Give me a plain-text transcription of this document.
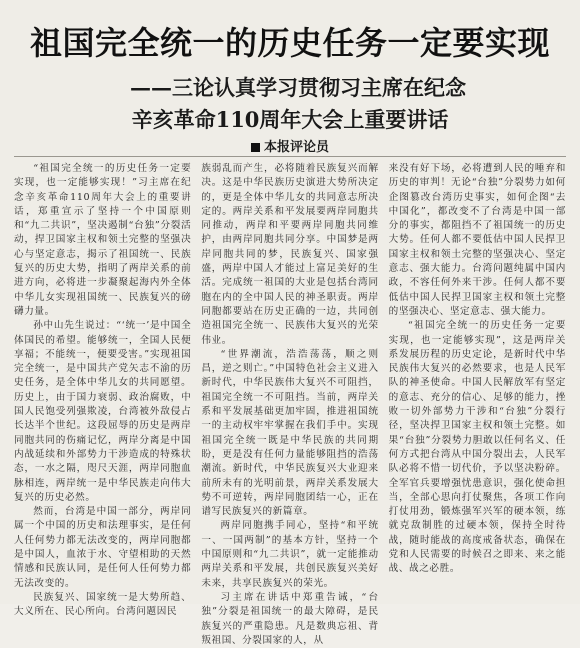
祖国完全统一的历史任务一定要实现
——三论认真学习贯彻习主席在纪念
辛亥革命110周年大会上重要讲话
本报评论员

“祖国完全统一的历史任务一定要实现，也一定能够实现！”习主席在纪念辛亥革命110周年大会上的重要讲话，郑重宣示了坚持一个中国原则和“九二共识”，坚决遏制“台独”分裂活动，捍卫国家主权和领土完整的坚强决心与坚定意志，揭示了祖国统一、民族复兴的历史大势，指明了两岸关系的前进方向，必将进一步凝聚起海内外全体中华儿女实现祖国统一、民族复兴的磅礴力量。

孙中山先生说过：“‘统一’是中国全体国民的希望。能够统一，全国人民便享福；不能统一，便要受害。”实现祖国完全统一，是中国共产党矢志不渝的历史任务，是全体中华儿女的共同愿望。历史上，由于国力衰弱、政治腐败，中国人民饱受列强欺凌，台湾被外敌侵占长达半个世纪。这段屈辱的历史是两岸同胞共同的伤痛记忆，两岸分离是中国内战延续和外部势力干涉造成的特殊状态，一水之隔，咫尺天涯，两岸同胞血脉相连，两岸统一是中华民族走向伟大复兴的历史必然。

然而，台湾是中国一部分，两岸同属一个中国的历史和法理事实，是任何人任何势力都无法改变的，两岸同胞都是中国人，血浓于水、守望相助的天然情感和民族认同，是任何人任何势力都无法改变的。

民族复兴、国家统一是大势所趋、大义所在、民心所向。台湾问题因民

族弱乱而产生，必将随着民族复兴而解决。这是中华民族历史演进大势所决定的，更是全体中华儿女的共同意志所决定的。两岸关系和平发展要两岸同胞共同推动，两岸和平要两岸同胞共同维护，由两岸同胞共同分享。中国梦是两岸同胞共同的梦，民族复兴、国家强盛，两岸中国人才能过上富足美好的生活。完成统一祖国的大业是包括台湾同胞在内的全中国人民的神圣职责。两岸同胞都要站在历史正确的一边，共同创造祖国完全统一、民族伟大复兴的光荣伟业。

“世界潮流，浩浩荡荡，顺之则昌，逆之则亡。”中国特色社会主义进入新时代，中华民族伟大复兴不可阻挡，祖国完全统一不可阻挡。当前，两岸关系和平发展基础更加牢固，推进祖国统一的主动权牢牢掌握在我们手中。实现祖国完全统一既是中华民族的共同期盼，更是没有任何力量能够阻挡的浩荡潮流。新时代，中华民族复兴大业迎来前所未有的光明前景，两岸关系发展大势不可逆转，两岸同胞团结一心，正在谱写民族复兴的新篇章。

两岸同胞携手同心，坚持“和平统一、一国两制”的基本方针，坚持一个中国原则和“九二共识”，就一定能推动两岸关系和平发展，共创民族复兴美好未来，共享民族复兴的荣光。

习主席在讲话中郑重告诫，“台独”分裂是祖国统一的最大障碍，是民族复兴的严重隐患。凡是数典忘祖、背叛祖国、分裂国家的人，从

来没有好下场，必将遭到人民的唾弃和历史的审判！无论“台独”分裂势力如何企图篡改台湾历史事实，如何企图“去中国化”，都改变不了台湾是中国一部分的事实，都阻挡不了祖国统一的历史大势。任何人都不要低估中国人民捍卫国家主权和领土完整的坚强决心、坚定意志、强大能力。台湾问题纯属中国内政，不容任何外来干涉。任何人都不要低估中国人民捍卫国家主权和领土完整的坚强决心、坚定意志、强大能力。

“祖国完全统一的历史任务一定要实现，也一定能够实现”，这是两岸关系发展历程的历史定论，是新时代中华民族伟大复兴的必然要求，也是人民军队的神圣使命。中国人民解放军有坚定的意志、充分的信心、足够的能力，挫败一切外部势力干涉和“台独”分裂行径，坚决捍卫国家主权和领土完整。如果“台独”分裂势力胆敢以任何名义、任何方式把台湾从中国分裂出去，人民军队必将不惜一切代价，予以坚决粉碎。全军官兵要增强忧患意识，强化使命担当，全部心思向打仗聚焦，各项工作向打仗用劲，锻炼强军兴军的硬本领，练就克敌制胜的过硬本领，保持全时待战，随时能战的高度戒备状态，确保在党和人民需要的时候召之即来、来之能战、战之必胜。
